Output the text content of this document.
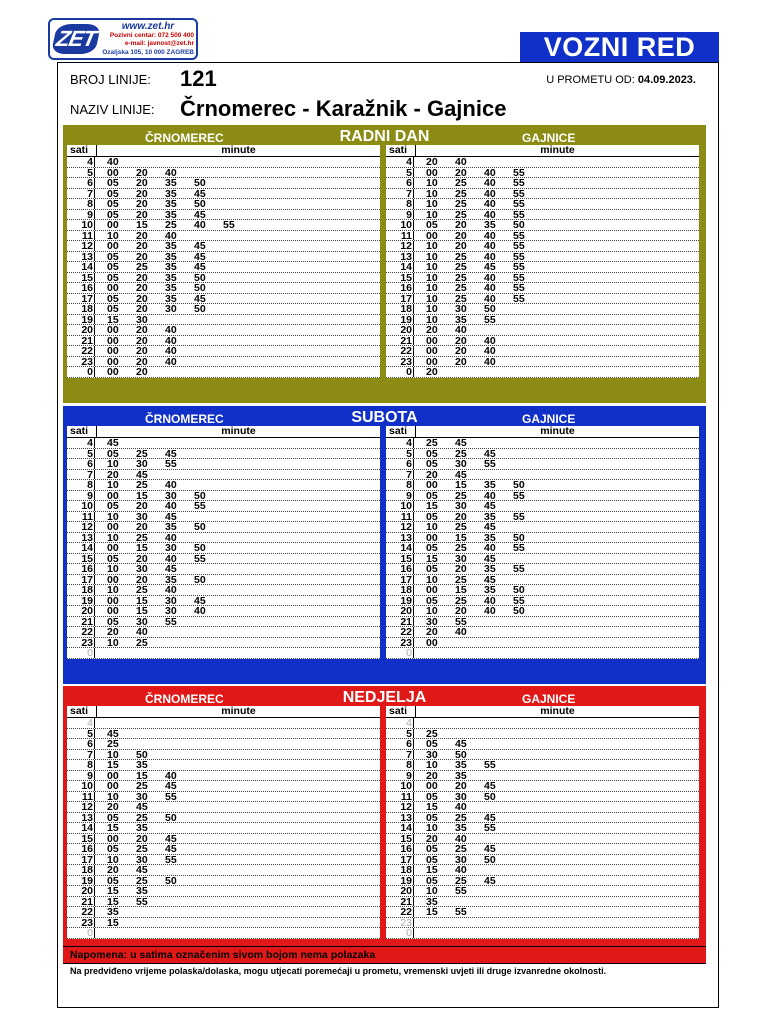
ZET	www.zet.hr
Pozivni centar: 072 500 400
e-mail: javnost@zet.hr
Ozaljska 105, 10 000 ZAGREB	VOZNI RED
BROJ LINIJE: 121	U PROMETU OD: 04.09.2023.
NAZIV LINIJE: Črnomerec - Karažnik - Gajnice
RADNI DAN
ČRNOMEREC	GAJNICE
sati	minute
4 40
5 00 20 40
6 05 20 35 50
7 05 20 35 45
8 05 20 35 50
9 05 20 35 45
10 00 15 25 40 55
11 10 20 40
12 00 20 35 45
13 05 20 35 45
14 05 25 35 45
15 05 20 35 50
16 00 20 35 50
17 05 20 35 45
18 05 20 30 50
19 15 30
20 00 20 40
21 00 20 40
22 00 20 40
23 00 20 40
0 00 20
sati	minute
4 20 40
5 00 20 40 55
6 10 25 40 55
7 10 25 40 55
8 10 25 40 55
9 10 25 40 55
10 05 20 35 50
11 00 20 40 55
12 10 20 40 55
13 10 25 40 55
14 10 25 45 55
15 10 25 40 55
16 10 25 40 55
17 10 25 40 55
18 10 30 50
19 10 35 55
20 20 40
21 00 20 40
22 00 20 40
23 00 20 40
0 20
SUBOTA
ČRNOMEREC	GAJNICE
sati	minute
4 45
5 05 25 45
6 10 30 55
7 20 45
8 10 25 40
9 00 15 30 50
10 05 20 40 55
11 10 30 45
12 00 20 35 50
13 10 25 40
14 00 15 30 50
15 05 20 40 55
16 10 30 45
17 00 20 35 50
18 10 25 40
19 00 15 30 45
20 00 15 30 40
21 05 30 55
22 20 40
23 10 25
0
sati	minute
4 25 45
5 05 25 45
6 05 30 55
7 20 45
8 00 15 35 50
9 05 25 40 55
10 15 30 45
11 05 20 35 55
12 10 25 45
13 00 15 35 50
14 05 25 40 55
15 15 30 45
16 05 20 35 55
17 10 25 45
18 00 15 35 50
19 05 25 40 55
20 10 20 40 50
21 30 55
22 20 40
23 00
0
NEDJELJA
ČRNOMEREC	GAJNICE
sati	minute
4
5 45
6 25
7 10 50
8 15 35
9 00 15 40
10 00 25 45
11 10 30 55
12 20 45
13 05 25 50
14 15 35
15 00 20 45
16 05 25 45
17 10 30 55
18 20 45
19 05 25 50
20 15 35
21 15 55
22 35
23 15
0
sati	minute
4
5 25
6 05 45
7 30 50
8 10 35 55
9 20 35
10 00 20 45
11 05 30 50
12 15 40
13 05 25 45
14 10 35 55
15 20 40
16 05 25 45
17 05 30 50
18 15 40
19 05 25 45
20 10 55
21 35
22 15 55
23
0
Napomena: u satima označenim sivom bojom nema polazaka
Na predviđeno vrijeme polaska/dolaska, mogu utjecati poremećaji u prometu, vremenski uvjeti ili druge izvanredne okolnosti.
